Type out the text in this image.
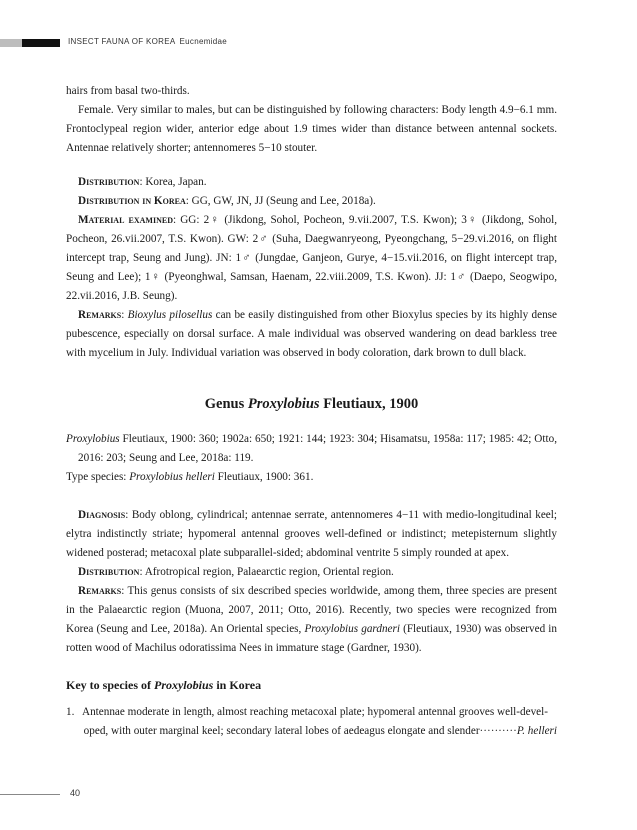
INSECT FAUNA OF KOREA Eucnemidae

hairs from basal two-thirds.

Female. Very similar to males, but can be distinguished by following characters: Body length 4.9−6.1 mm. Frontoclypeal region wider, anterior edge about 1.9 times wider than distance between antennal sockets. Antennae relatively shorter; antennomeres 5−10 stouter.

Distribution: Korea, Japan.

Distribution in Korea: GG, GW, JN, JJ (Seung and Lee, 2018a).

Material examined: GG: 2♀ (Jikdong, Sohol, Pocheon, 9.vii.2007, T.S. Kwon); 3♀ (Jikdong, Sohol, Pocheon, 26.vii.2007, T.S. Kwon). GW: 2♂ (Suha, Daegwanryeong, Pyeongchang, 5−29.vi.2016, on flight intercept trap, Seung and Jung). JN: 1♂ (Jungdae, Ganjeon, Gurye, 4−15.vii.2016, on flight intercept trap, Seung and Lee); 1♀ (Pyeonghwal, Samsan, Haenam, 22.viii.2009, T.S. Kwon). JJ: 1♂ (Daepo, Seogwipo, 22.vii.2016, J.B. Seung).

Remarks: Bioxylus pilosellus can be easily distinguished from other Bioxylus species by its highly dense pubescence, especially on dorsal surface. A male individual was observed wandering on dead barkless tree with mycelium in July. Individual variation was observed in body coloration, dark brown to dull black.

Genus Proxylobius Fleutiaux, 1900

Proxylobius Fleutiaux, 1900: 360; 1902a: 650; 1921: 144; 1923: 304; Hisamatsu, 1958a: 117; 1985: 42; Otto, 2016: 203; Seung and Lee, 2018a: 119.

Type species: Proxylobius helleri Fleutiaux, 1900: 361.

Diagnosis: Body oblong, cylindrical; antennae serrate, antennomeres 4−11 with medio-longitudinal keel; elytra indistinctly striate; hypomeral antennal grooves well-defined or indistinct; metepisternum slightly widened posterad; metacoxal plate subparallel-sided; abdominal ventrite 5 simply rounded at apex.

Distribution: Afrotropical region, Palaearctic region, Oriental region.

Remarks: This genus consists of six described species worldwide, among them, three species are present in the Palaearctic region (Muona, 2007, 2011; Otto, 2016). Recently, two species were recognized from Korea (Seung and Lee, 2018a). An Oriental species, Proxylobius gardneri (Fleutiaux, 1930) was observed in rotten wood of Machilus odoratissima Nees in immature stage (Gardner, 1930).

Key to species of Proxylobius in Korea
1. Antennae moderate in length, almost reaching metacoxal plate; hypomeral antennal grooves well-devel-
oped, with outer marginal keel; secondary lateral lobes of aedeagus elongate and slender··········P. helleri
40
